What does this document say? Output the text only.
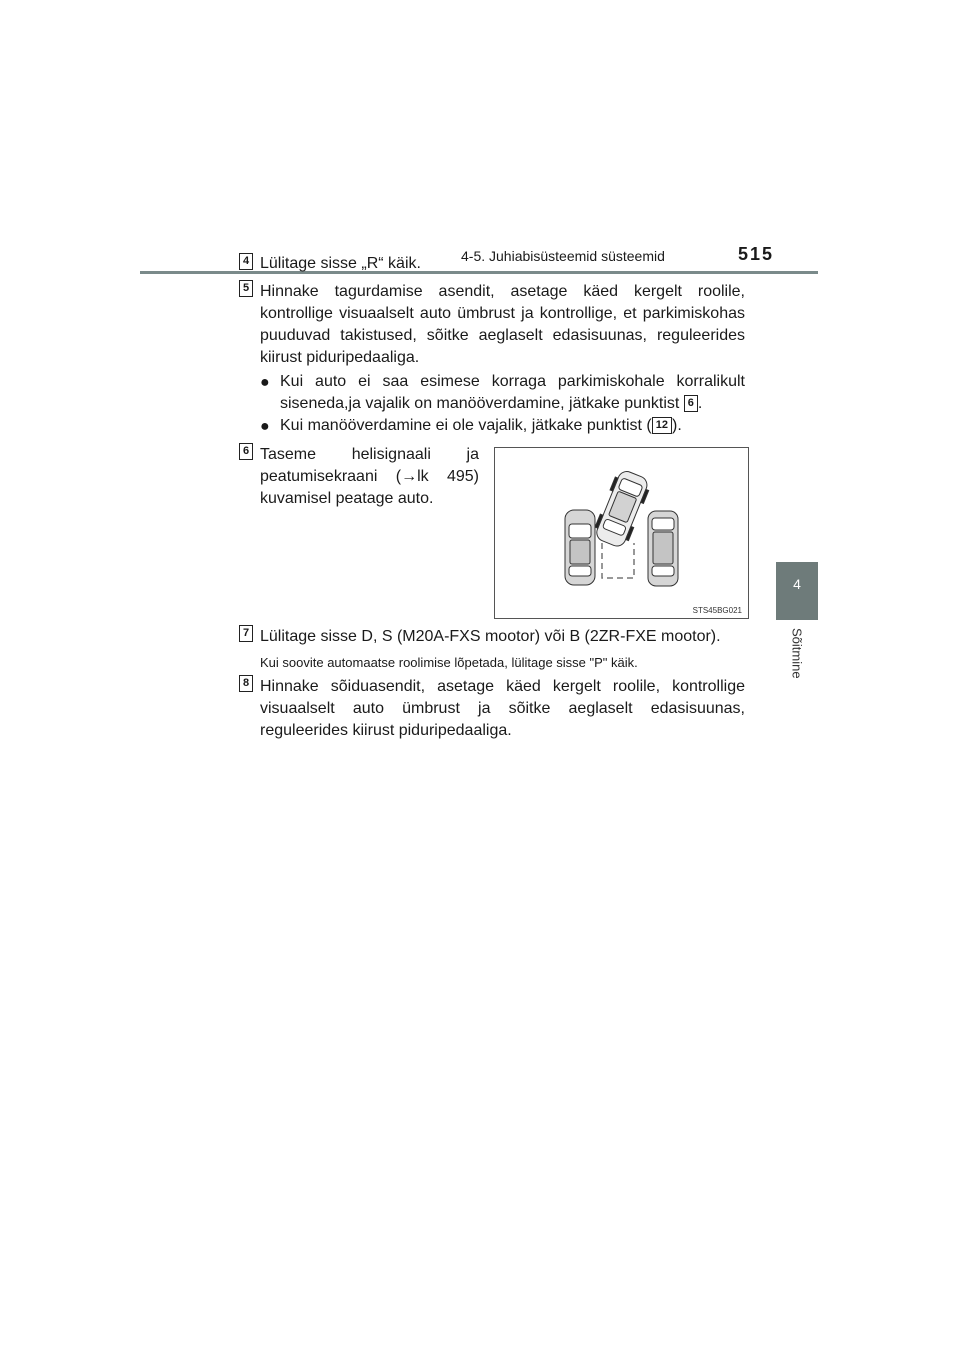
4-5. Juhiabisüsteemid süsteemid	515
4
Sõitmine
4 Lülitage sisse „R“ käik.
5 Hinnake tagurdamise asendit, asetage käed kergelt roolile, kontrollige visuaalselt auto ümbrust ja kontrollige, et parkimiskohas puuduvad takistused, sõitke aeglaselt edasisuunas, reguleerides kiirust piduripedaaliga.
● Kui auto ei saa esimese korraga parkimiskohale korralikult siseneda,ja vajalik on manööverdamine, jätkake punktist 6 .
● Kui manööverdamine ei ole vajalik, jätkake punktist ( 12 ).
6 Taseme helisignaali ja peatumisekraani (→lk 495) kuvamisel peatage auto.
STS45BG021
7 Lülitage sisse D, S (M20A-FXS mootor) või B (2ZR-FXE mootor).
Kui soovite automaatse roolimise lõpetada, lülitage sisse "P" käik.
8 Hinnake sõiduasendit, asetage käed kergelt roolile, kontrollige visuaalselt auto ümbrust ja sõitke aeglaselt edasisuunas, reguleerides kiirust piduripedaaliga.
